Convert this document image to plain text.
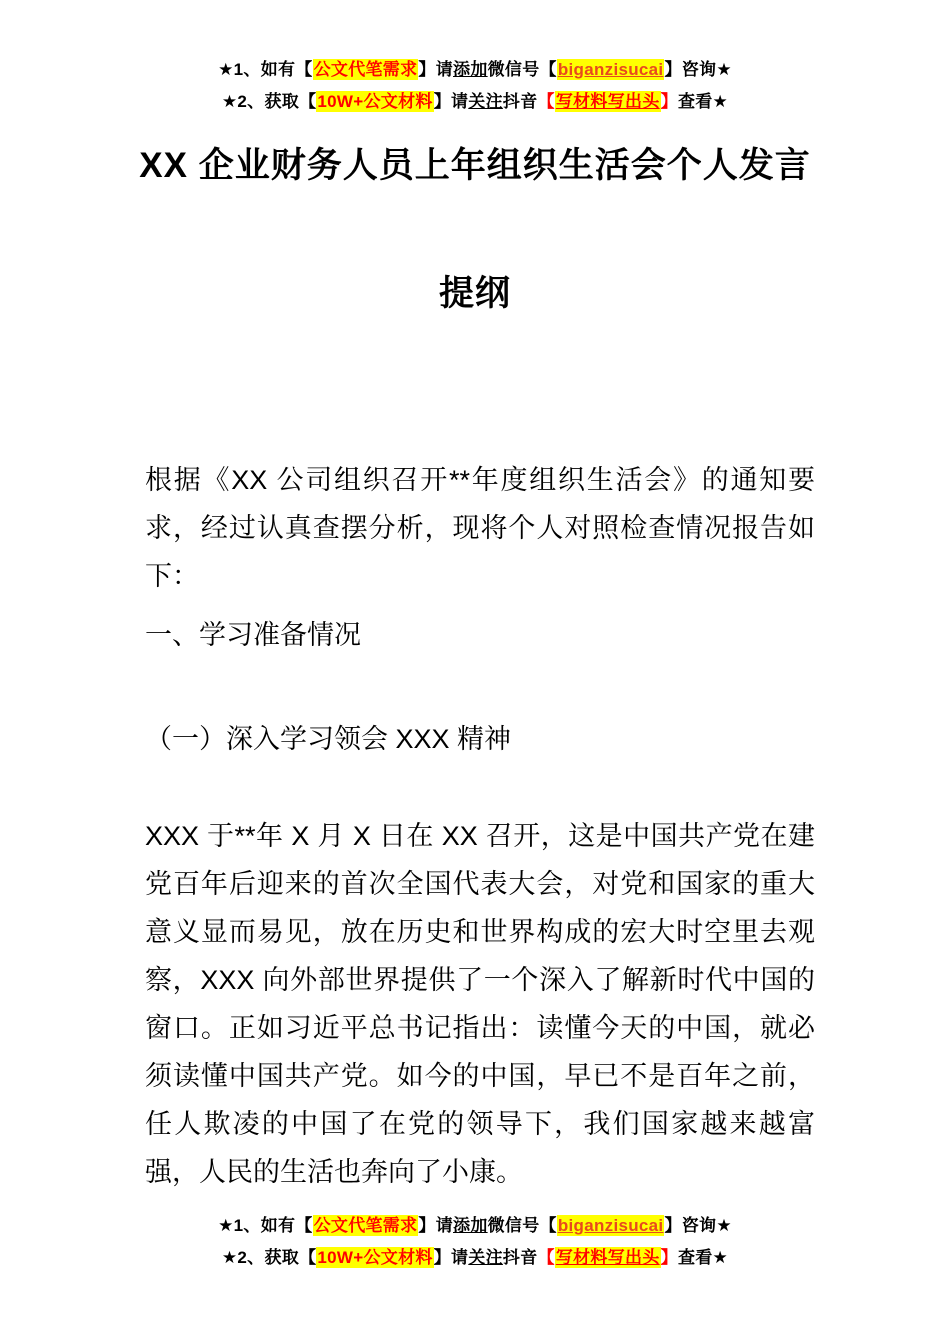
★1、如有【公文代笔需求】请添加微信号【biganzisucai】咨询★
★2、获取【10W+公文材料】请关注抖音【写材料写出头】查看★
XX 企业财务人员上年组织生活会个人发言
提纲
根据《XX 公司组织召开**年度组织生活会》的通知要求，经过认真查摆分析，现将个人对照检查情况报告如下：
一、学习准备情况
（一）深入学习领会 XXX 精神
XXX 于**年 X 月 X 日在 XX 召开，这是中国共产党在建党百年后迎来的首次全国代表大会，对党和国家的重大意义显而易见，放在历史和世界构成的宏大时空里去观察，XXX 向外部世界提供了一个深入了解新时代中国的窗口。正如习近平总书记指出：读懂今天的中国，就必须读懂中国共产党。如今的中国，早已不是百年之前，任人欺凌的中国了在党的领导下，我们国家越来越富强，人民的生活也奔向了小康。
★1、如有【公文代笔需求】请添加微信号【biganzisucai】咨询★
★2、获取【10W+公文材料】请关注抖音【写材料写出头】查看★
